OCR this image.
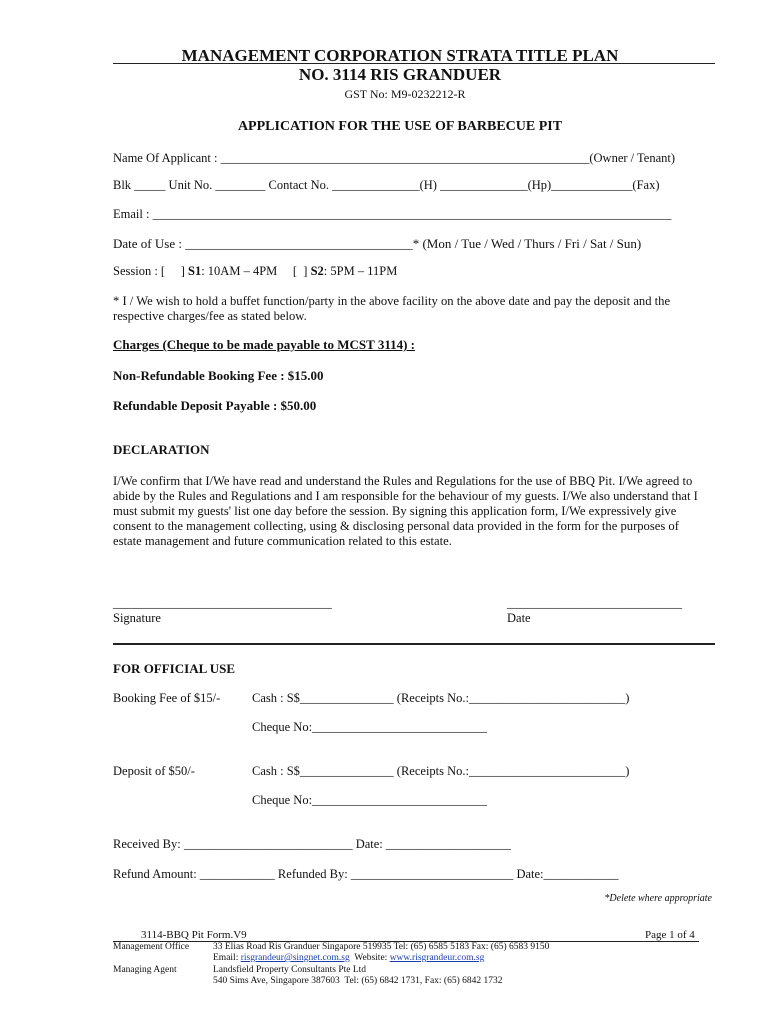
MANAGEMENT CORPORATION STRATA TITLE PLAN
NO. 3114 RIS GRANDUER
GST No: M9-0232212-R
APPLICATION FOR THE USE OF BARBECUE PIT
Name Of Applicant : ___________________________________________________________(Owner / Tenant)
Blk _____ Unit No. ________ Contact No. ______________(H) ______________(Hp)_____________(Fax)
Email : ___________________________________________________________________________________
Date of Use : ___________________________________* (Mon / Tue / Wed / Thurs / Fri / Sat / Sun)
Session : [     ] S1: 10AM – 4PM     [  ] S2: 5PM – 11PM
* I / We wish to hold a buffet function/party in the above facility on the above date and pay the deposit and the respective charges/fee as stated below.
Charges (Cheque to be made payable to MCST 3114) :
Non-Refundable Booking Fee : $15.00
Refundable Deposit Payable : $50.00
DECLARATION
I/We confirm that I/We have read and understand the Rules and Regulations for the use of BBQ Pit. I/We agreed to abide by the Rules and Regulations and I am responsible for the behaviour of my guests. I/We also understand that I must submit my guests' list one day before the session. By signing this application form, I/We expressively give consent to the management collecting, using & disclosing personal data provided in the form for the purposes of estate management and future communication related to this estate.
___________________________________
Signature
____________________________
Date
FOR OFFICIAL USE
Booking Fee of $15/-	Cash : S$_______________ (Receipts No.:_________________________)
Cheque No:____________________________
Deposit of $50/-	Cash : S$_______________ (Receipts No.:_________________________)
Cheque No:____________________________
Received By: ___________________________ Date: ____________________
Refund Amount: ____________ Refunded By: __________________________ Date:____________
*Delete where appropriate
3114-BBQ Pit Form.V9	Page 1 of 4
Management Office	33 Elias Road Ris Granduer Singapore 519935 Tel: (65) 6585 5183 Fax: (65) 6583 9150
Email: risgrandeur@singnet.com.sg  Website: www.risgrandeur.com.sg
Managing Agent	Landsfield Property Consultants Pte Ltd
540 Sims Ave, Singapore 387603  Tel: (65) 6842 1731, Fax: (65) 6842 1732
